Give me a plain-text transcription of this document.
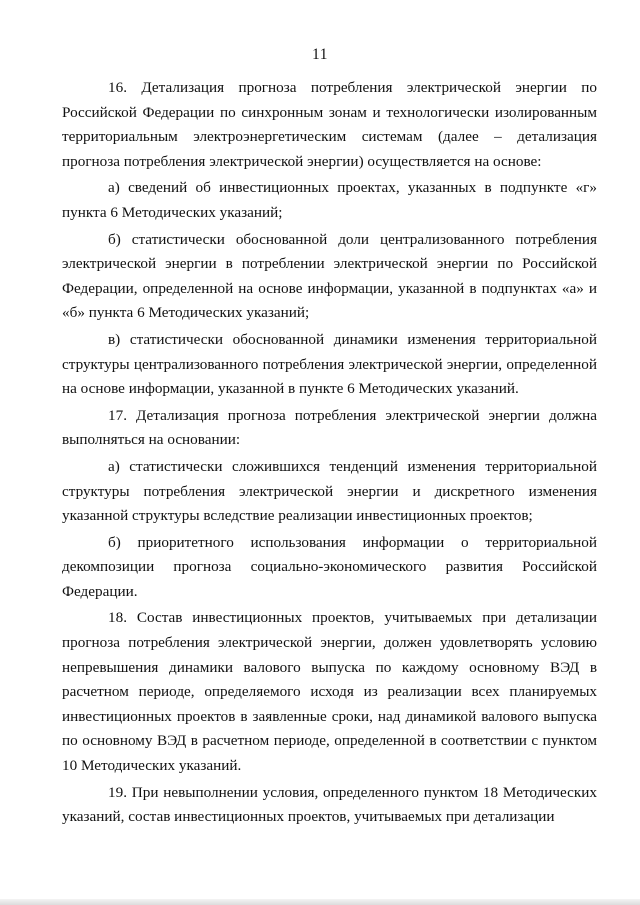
11

16. Детализация прогноза потребления электрической энергии по Российской Федерации по синхронным зонам и технологически изолированным территориальным электроэнергетическим системам (далее – детализация прогноза потребления электрической энергии) осуществляется на основе:

а) сведений об инвестиционных проектах, указанных в подпункте «г» пункта 6 Методических указаний;

б) статистически обоснованной доли централизованного потребления электрической энергии в потреблении электрической энергии по Российской Федерации, определенной на основе информации, указанной в подпунктах «а» и «б» пункта 6 Методических указаний;

в) статистически обоснованной динамики изменения территориальной структуры централизованного потребления электрической энергии, определенной на основе информации, указанной в пункте 6 Методических указаний.

17. Детализация прогноза потребления электрической энергии должна выполняться на основании:

а) статистически сложившихся тенденций изменения территориальной структуры потребления электрической энергии и дискретного изменения указанной структуры вследствие реализации инвестиционных проектов;

б) приоритетного использования информации о территориальной декомпозиции прогноза социально-экономического развития Российской Федерации.

18. Состав инвестиционных проектов, учитываемых при детализации прогноза потребления электрической энергии, должен удовлетворять условию непревышения динамики валового выпуска по каждому основному ВЭД в расчетном периоде, определяемого исходя из реализации всех планируемых инвестиционных проектов в заявленные сроки, над динамикой валового выпуска по основному ВЭД в расчетном периоде, определенной в соответствии с пунктом 10 Методических указаний.

19. При невыполнении условия, определенного пунктом 18 Методических указаний, состав инвестиционных проектов, учитываемых при детализации
